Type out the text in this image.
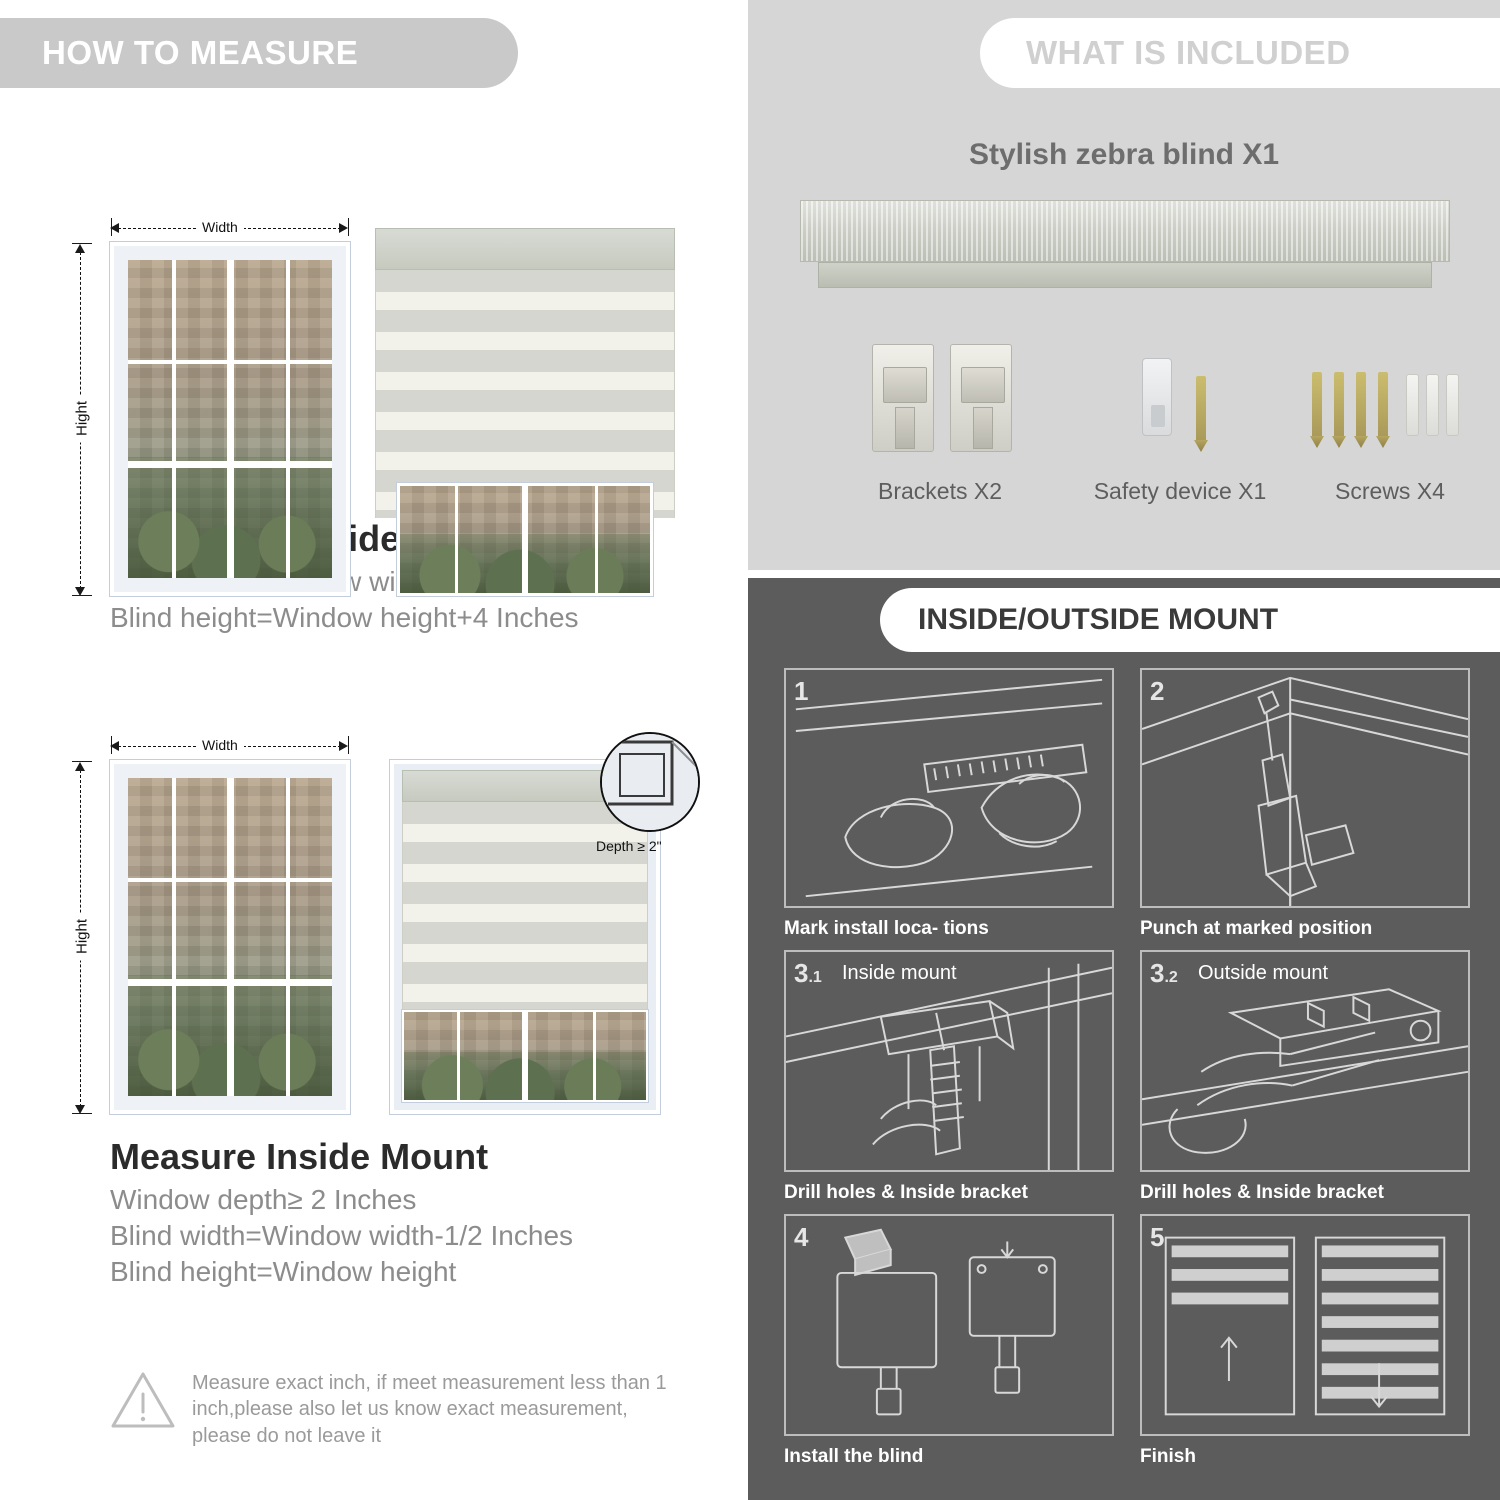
HOW TO MEASURE
Width
Hight
Blind height=Window height+4 Inches
Width
Hight
Depth ≥ 2"
Measure Inside Mount
Window depth≥ 2 Inches
Blind width=Window width-1/2 Inches
Blind height=Window height
Measure exact inch, if meet measurement less than 1 inch,please also let us know exact measurement, please do not leave it
WHAT IS INCLUDED
Stylish zebra blind X1
Brackets X2	Safety device X1	Screws X4
INSIDE/OUTSIDE MOUNT
1
Mark install loca- tions
2
Punch at marked position
3.1 Inside mount
Drill holes & Inside bracket
3.2 Outside mount
Drill holes & Inside bracket
4
Install the blind
5
Finish
